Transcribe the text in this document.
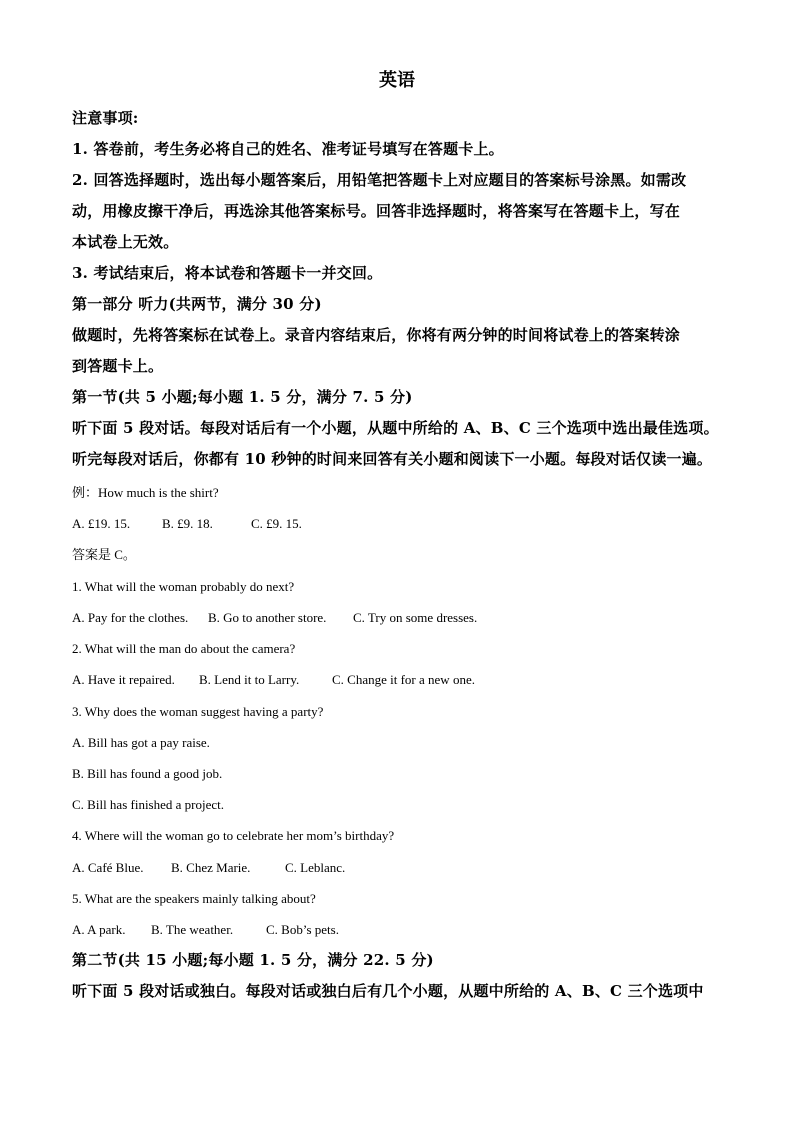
英语
注意事项:
1. 答卷前，考生务必将自己的姓名、准考证号填写在答题卡上。
2. 回答选择题时，选出每小题答案后，用铅笔把答题卡上对应题目的答案标号涂黑。如需改
动，用橡皮擦干净后，再选涂其他答案标号。回答非选择题时，将答案写在答题卡上，写在
本试卷上无效。
3. 考试结束后，将本试卷和答题卡一并交回。
第一部分 听力(共两节，满分 30 分)
做题时，先将答案标在试卷上。录音内容结束后，你将有两分钟的时间将试卷上的答案转涂
到答题卡上。
第一节(共 5 小题;每小题 1. 5 分，满分 7. 5 分)
听下面 5 段对话。每段对话后有一个小题，从题中所给的 A、B、C 三个选项中选出最佳选项。
听完每段对话后，你都有 10 秒钟的时间来回答有关小题和阅读下一小题。每段对话仅读一遍。
例：How much is the shirt?
A. £19. 15. B. £9. 18.	C. £9. 15.
答案是 C。
1. What will the woman probably do next?
A. Pay for the clothes. B. Go to another store. C. Try on some dresses.
2. What will the man do about the camera?
A. Have it repaired. B. Lend it to Larry.	C. Change it for a new one.
3. Why does the woman suggest having a party?
A. Bill has got a pay raise.
B. Bill has found a good job.
C. Bill has finished a project.
4. Where will the woman go to celebrate her mom’s birthday?
A. Café Blue. B. Chez Marie.	C. Leblanc.
5. What are the speakers mainly talking about?
A. A park. B. The weather.	C. Bob’s pets.
第二节(共 15 小题;每小题 1. 5 分，满分 22. 5 分)
听下面 5 段对话或独白。每段对话或独白后有几个小题，从题中所给的 A、B、C 三个选项中
